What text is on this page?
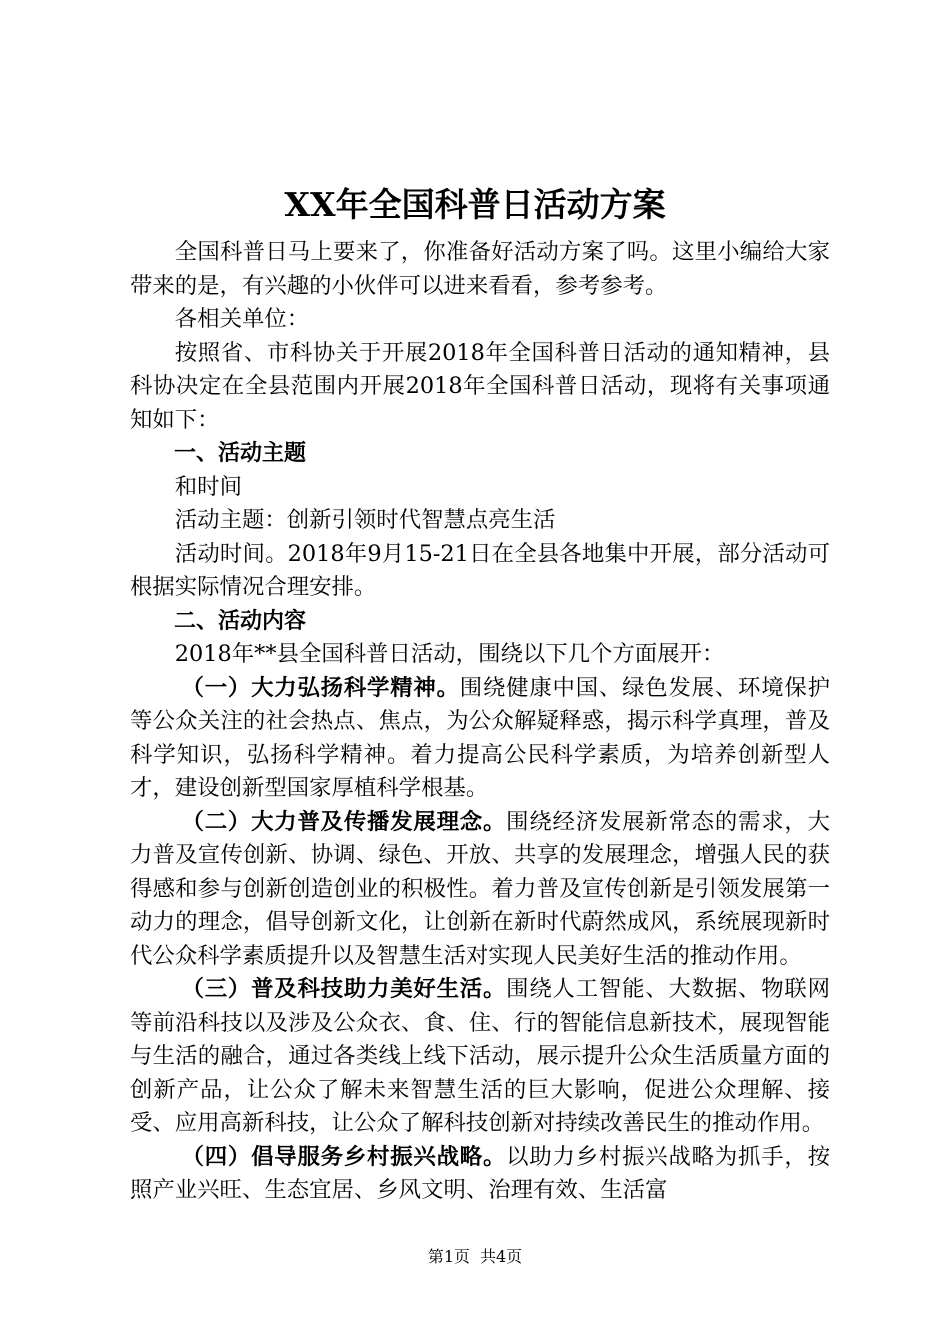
XX年全国科普日活动方案

全国科普日马上要来了，你准备好活动方案了吗。这里小编给大家带来的是，有兴趣的小伙伴可以进来看看，参考参考。

各相关单位：

按照省、市科协关于开展2018年全国科普日活动的通知精神，县科协决定在全县范围内开展2018年全国科普日活动，现将有关事项通知如下：

一、活动主题

和时间

活动主题：创新引领时代智慧点亮生活

活动时间。2018年9月15-21日在全县各地集中开展，部分活动可根据实际情况合理安排。

二、活动内容

2018年**县全国科普日活动，围绕以下几个方面展开：

（一）大力弘扬科学精神。围绕健康中国、绿色发展、环境保护等公众关注的社会热点、焦点，为公众解疑释惑，揭示科学真理，普及科学知识，弘扬科学精神。着力提高公民科学素质，为培养创新型人才，建设创新型国家厚植科学根基。

（二）大力普及传播发展理念。围绕经济发展新常态的需求，大力普及宣传创新、协调、绿色、开放、共享的发展理念，增强人民的获得感和参与创新创造创业的积极性。着力普及宣传创新是引领发展第一动力的理念，倡导创新文化，让创新在新时代蔚然成风，系统展现新时代公众科学素质提升以及智慧生活对实现人民美好生活的推动作用。

（三）普及科技助力美好生活。围绕人工智能、大数据、物联网等前沿科技以及涉及公众衣、食、住、行的智能信息新技术，展现智能与生活的融合，通过各类线上线下活动，展示提升公众生活质量方面的创新产品，让公众了解未来智慧生活的巨大影响，促进公众理解、接受、应用高新科技，让公众了解科技创新对持续改善民生的推动作用。

（四）倡导服务乡村振兴战略。以助力乡村振兴战略为抓手，按照产业兴旺、生态宜居、乡风文明、治理有效、生活富

第1页 共4页
